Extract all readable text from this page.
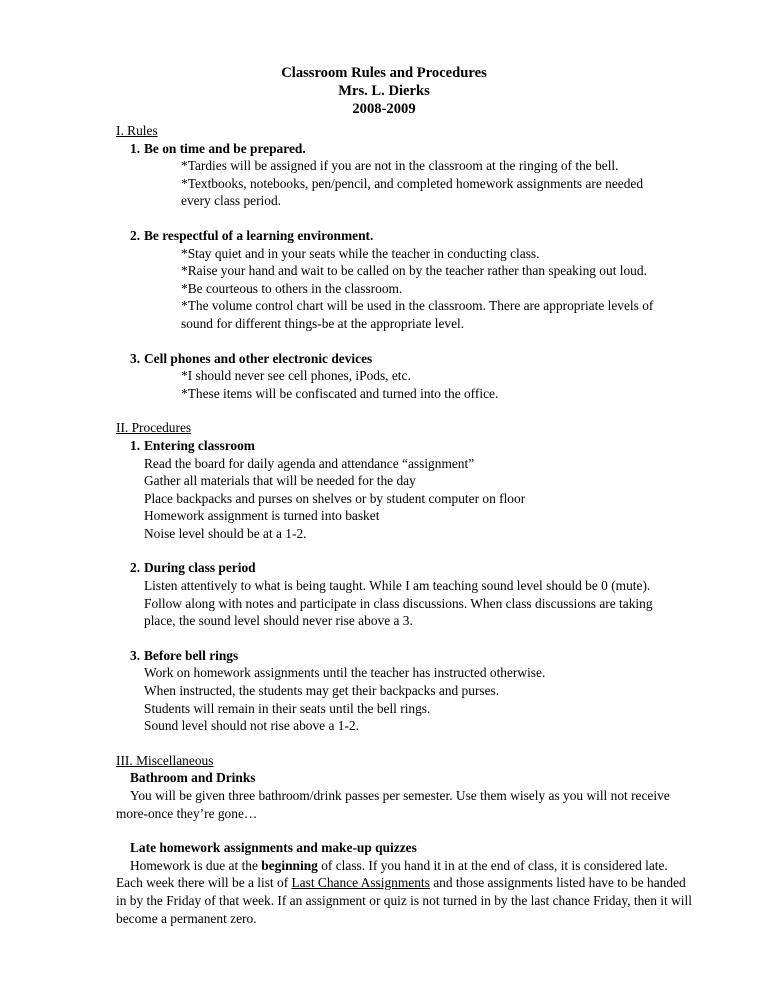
Classroom Rules and Procedures
Mrs. L. Dierks
2008-2009
I. Rules
1. Be on time and be prepared.
*Tardies will be assigned if you are not in the classroom at the ringing of the bell.
*Textbooks, notebooks, pen/pencil, and completed homework assignments are needed
every class period.
2. Be respectful of a learning environment.
*Stay quiet and in your seats while the teacher in conducting class.
*Raise your hand and wait to be called on by the teacher rather than speaking out loud.
*Be courteous to others in the classroom.
*The volume control chart will be used in the classroom. There are appropriate levels of
sound for different things-be at the appropriate level.
3. Cell phones and other electronic devices
*I should never see cell phones, iPods, etc.
*These items will be confiscated and turned into the office.
II. Procedures
1. Entering classroom
Read the board for daily agenda and attendance “assignment”
Gather all materials that will be needed for the day
Place backpacks and purses on shelves or by student computer on floor
Homework assignment is turned into basket
Noise level should be at a 1-2.
2. During class period
Listen attentively to what is being taught. While I am teaching sound level should be 0 (mute).
Follow along with notes and participate in class discussions. When class discussions are taking
place, the sound level should never rise above a 3.
3. Before bell rings
Work on homework assignments until the teacher has instructed otherwise.
When instructed, the students may get their backpacks and purses.
Students will remain in their seats until the bell rings.
Sound level should not rise above a 1-2.
III. Miscellaneous
Bathroom and Drinks
You will be given three bathroom/drink passes per semester. Use them wisely as you will not receive more-once they’re gone…
Late homework assignments and make-up quizzes
Homework is due at the beginning of class. If you hand it in at the end of class, it is considered late. Each week there will be a list of Last Chance Assignments and those assignments listed have to be handed in by the Friday of that week. If an assignment or quiz is not turned in by the last chance Friday, then it will become a permanent zero.
